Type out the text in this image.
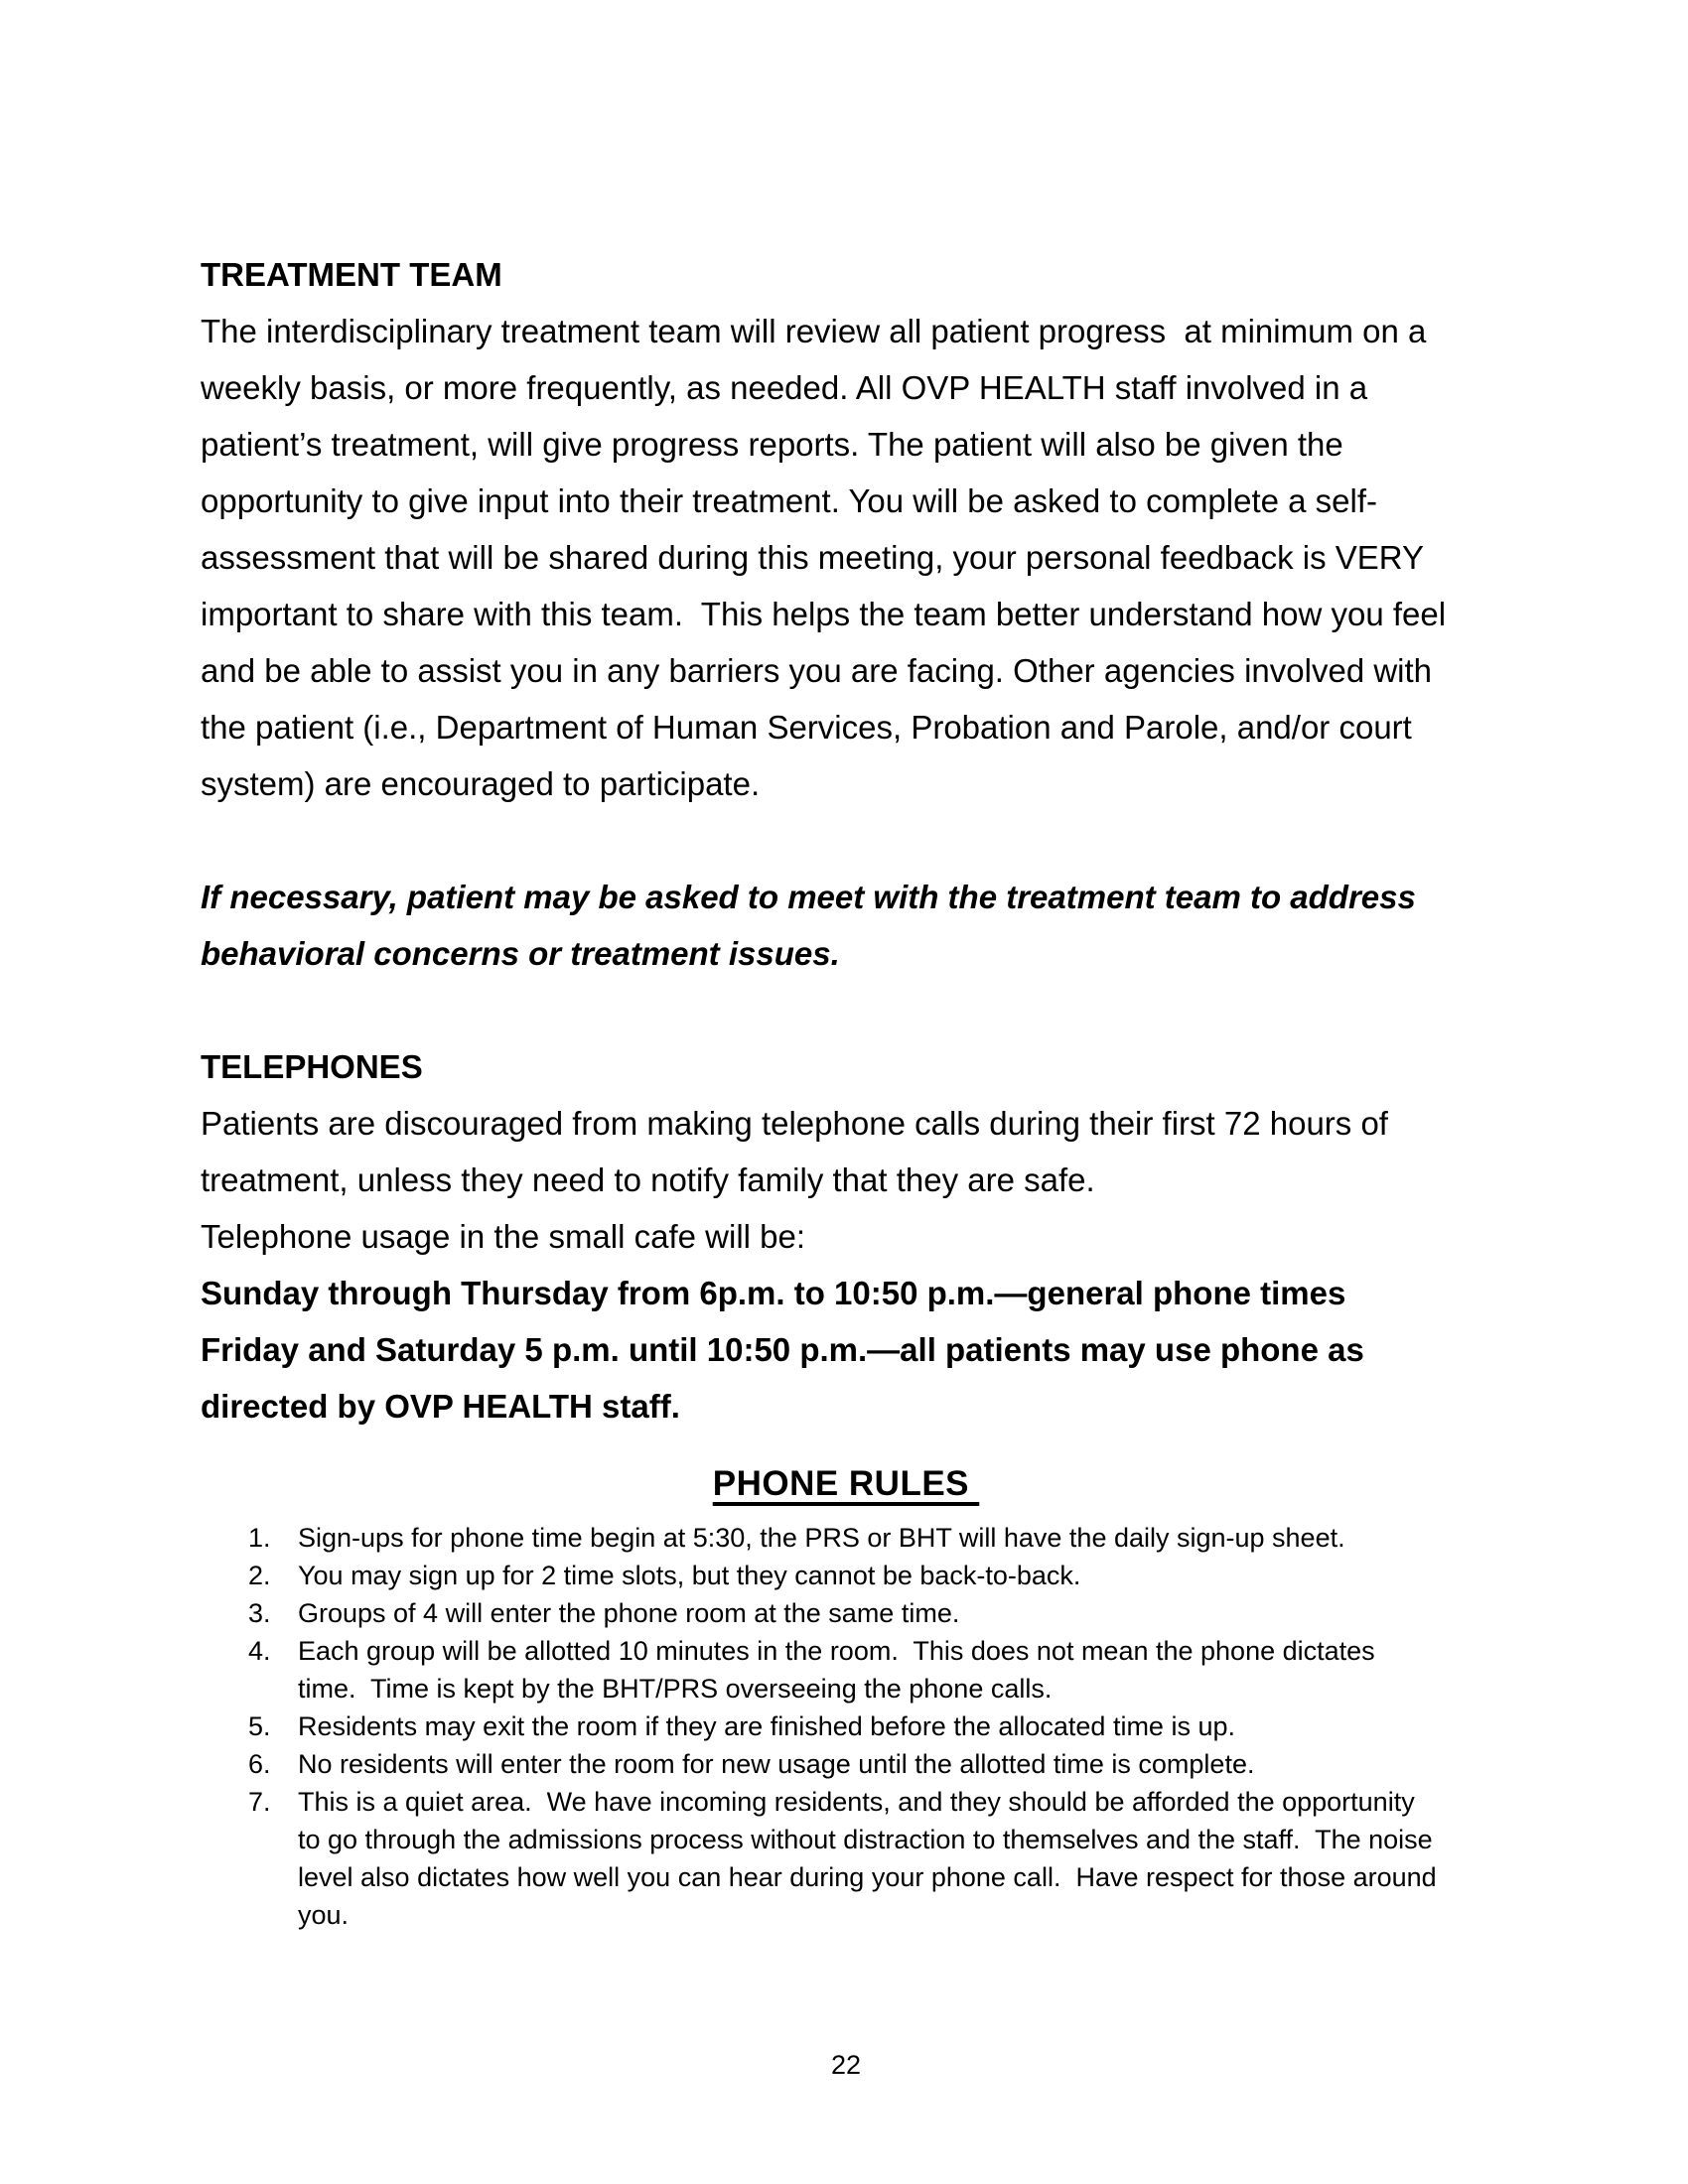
TREATMENT TEAM
The interdisciplinary treatment team will review all patient progress  at minimum on a
weekly basis, or more frequently, as needed. All OVP HEALTH staff involved in a
patient’s treatment, will give progress reports. The patient will also be given the
opportunity to give input into their treatment. You will be asked to complete a self-
assessment that will be shared during this meeting, your personal feedback is VERY
important to share with this team.  This helps the team better understand how you feel
and be able to assist you in any barriers you are facing. Other agencies involved with
the patient (i.e., Department of Human Services, Probation and Parole, and/or court
system) are encouraged to participate.
If necessary, patient may be asked to meet with the treatment team to address
behavioral concerns or treatment issues.
TELEPHONES
Patients are discouraged from making telephone calls during their first 72 hours of
treatment, unless they need to notify family that they are safe.
Telephone usage in the small cafe will be:
Sunday through Thursday from 6p.m. to 10:50 p.m.—general phone times
Friday and Saturday 5 p.m. until 10:50 p.m.—all patients may use phone as
directed by OVP HEALTH staff.
PHONE RULES
1. Sign-ups for phone time begin at 5:30, the PRS or BHT will have the daily sign-up sheet.
2. You may sign up for 2 time slots, but they cannot be back-to-back.
3. Groups of 4 will enter the phone room at the same time.
4. Each group will be allotted 10 minutes in the room.  This does not mean the phone dictates
time.  Time is kept by the BHT/PRS overseeing the phone calls.
5. Residents may exit the room if they are finished before the allocated time is up.
6. No residents will enter the room for new usage until the allotted time is complete.
7. This is a quiet area.  We have incoming residents, and they should be afforded the opportunity
to go through the admissions process without distraction to themselves and the staff.  The noise
level also dictates how well you can hear during your phone call.  Have respect for those around
you.
22
